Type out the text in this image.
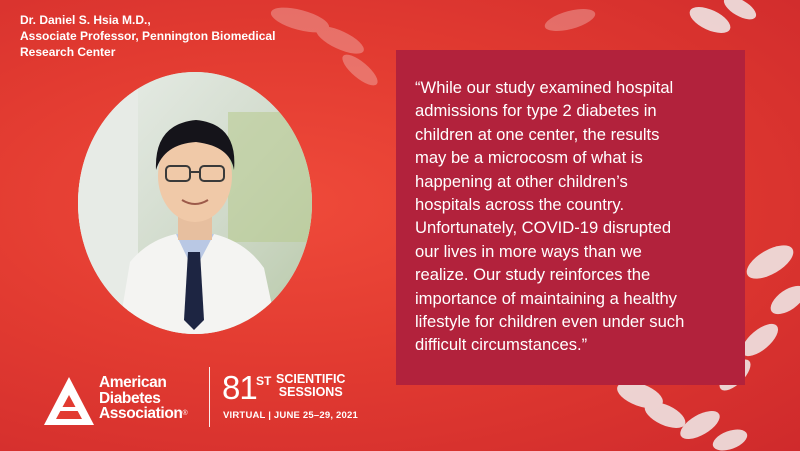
Dr. Daniel S. Hsia M.D.,
Associate Professor, Pennington Biomedical
Research Center

“While our study examined hospital
admissions for type 2 diabetes in
children at one center, the results
may be a microcosm of what is
happening at other children’s
hospitals across the country.
Unfortunately, COVID-19 disrupted
our lives in more ways than we
realize. Our study reinforces the
importance of maintaining a healthy
lifestyle for children even under such
difficult circumstances.”

American
Diabetes
Association®
81 ST SCIENTIFIC
SESSIONS
VIRTUAL | JUNE 25–29, 2021
